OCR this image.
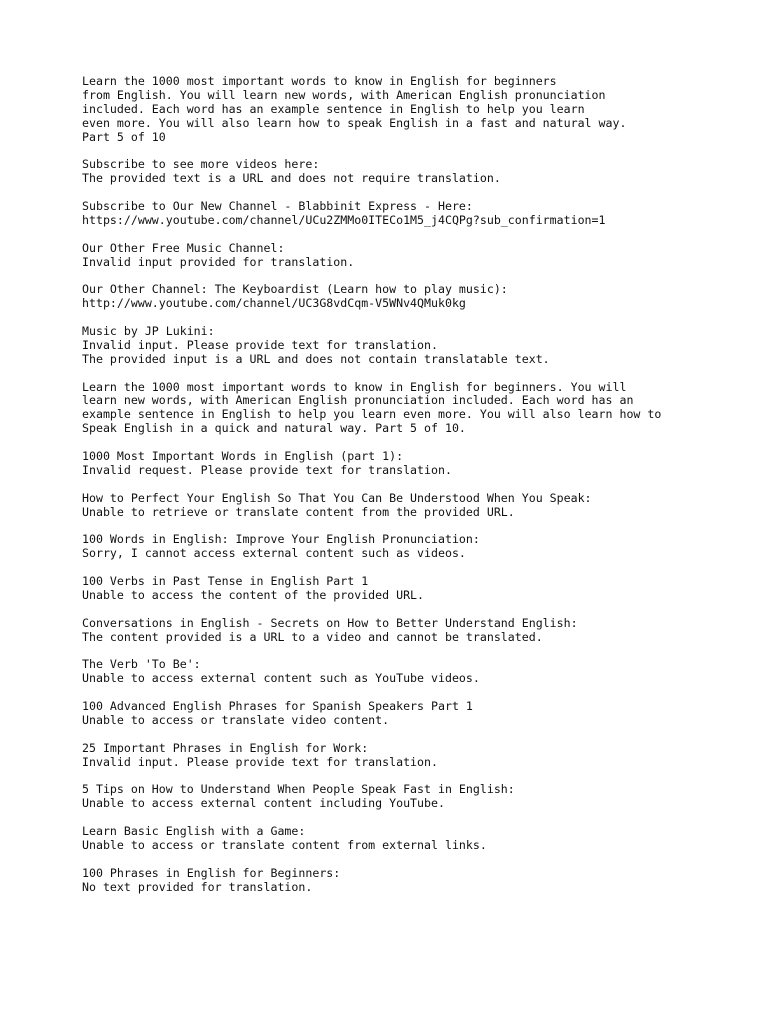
Learn the 1000 most important words to know in English for beginners
from English. You will learn new words, with American English pronunciation
included. Each word has an example sentence in English to help you learn
even more. You will also learn how to speak English in a fast and natural way.
Part 5 of 10
Subscribe to see more videos here:
The provided text is a URL and does not require translation.
Subscribe to Our New Channel - Blabbinit Express - Here:
https://www.youtube.com/channel/UCu2ZMMo0ITECo1M5_j4CQPg?sub_confirmation=1
Our Other Free Music Channel:
Invalid input provided for translation.
Our Other Channel: The Keyboardist (Learn how to play music):
http://www.youtube.com/channel/UC3G8vdCqm-V5WNv4QMuk0kg
Music by JP Lukini:
Invalid input. Please provide text for translation.
The provided input is a URL and does not contain translatable text.
Learn the 1000 most important words to know in English for beginners. You will
learn new words, with American English pronunciation included. Each word has an
example sentence in English to help you learn even more. You will also learn how to
Speak English in a quick and natural way. Part 5 of 10.
1000 Most Important Words in English (part 1):
Invalid request. Please provide text for translation.
How to Perfect Your English So That You Can Be Understood When You Speak:
Unable to retrieve or translate content from the provided URL.
100 Words in English: Improve Your English Pronunciation:
Sorry, I cannot access external content such as videos.
100 Verbs in Past Tense in English Part 1
Unable to access the content of the provided URL.
Conversations in English - Secrets on How to Better Understand English:
The content provided is a URL to a video and cannot be translated.
The Verb 'To Be':
Unable to access external content such as YouTube videos.
100 Advanced English Phrases for Spanish Speakers Part 1
Unable to access or translate video content.
25 Important Phrases in English for Work:
Invalid input. Please provide text for translation.
5 Tips on How to Understand When People Speak Fast in English:
Unable to access external content including YouTube.
Learn Basic English with a Game:
Unable to access or translate content from external links.
100 Phrases in English for Beginners:
No text provided for translation.
